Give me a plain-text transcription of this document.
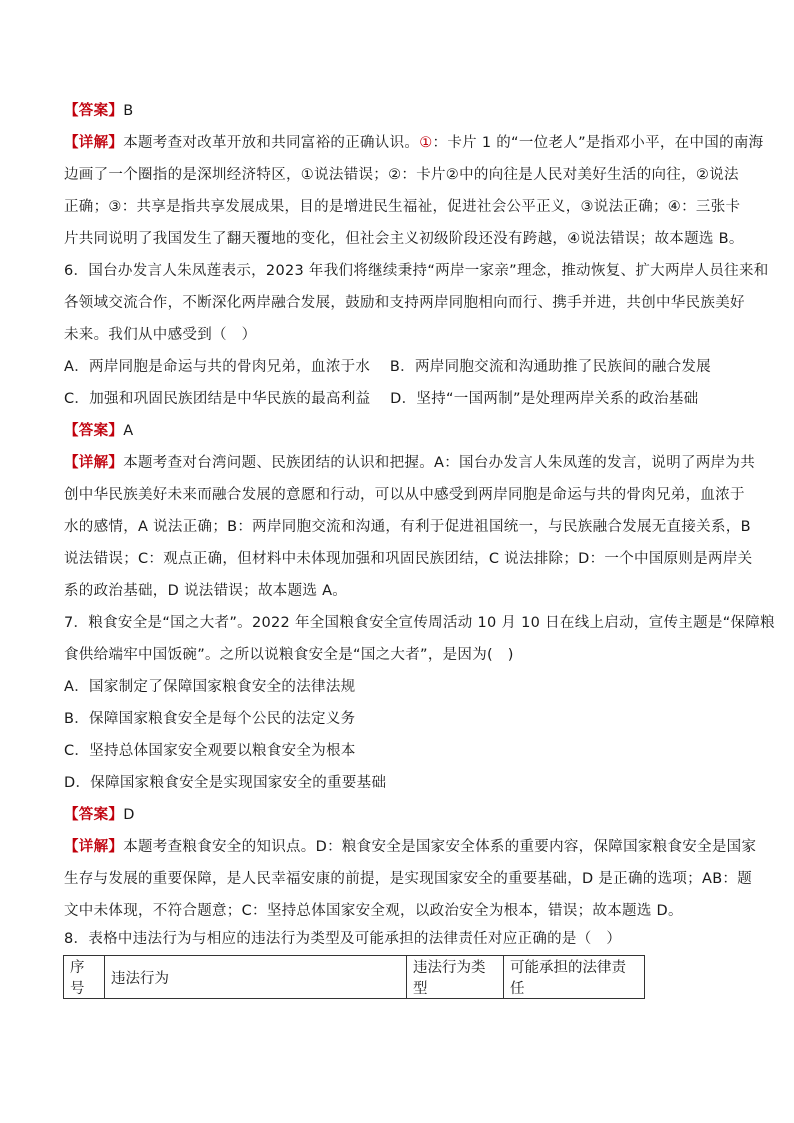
【答案】B
【详解】本题考查对改革开放和共同富裕的正确认识。①：卡片 1 的“一位老人”是指邓小平，在中国的南海
边画了一个圈指的是深圳经济特区，①说法错误；②：卡片②中的向往是人民对美好生活的向往，②说法
正确；③：共享是指共享发展成果，目的是增进民生福祉，促进社会公平正义，③说法正确；④：三张卡
片共同说明了我国发生了翻天覆地的变化，但社会主义初级阶段还没有跨越，④说法错误；故本题选 B。
6．国台办发言人朱凤莲表示，2023 年我们将继续秉持“两岸一家亲”理念，推动恢复、扩大两岸人员往来和
各领域交流合作，不断深化两岸融合发展，鼓励和支持两岸同胞相向而行、携手并进，共创中华民族美好
未来。我们从中感受到（　）
A．两岸同胞是命运与共的骨肉兄弟，血浓于水　 B．两岸同胞交流和沟通助推了民族间的融合发展
C．加强和巩固民族团结是中华民族的最高利益　 D．坚持“一国两制”是处理两岸关系的政治基础
【答案】A
【详解】本题考查对台湾问题、民族团结的认识和把握。A：国台办发言人朱凤莲的发言，说明了两岸为共
创中华民族美好未来而融合发展的意愿和行动，可以从中感受到两岸同胞是命运与共的骨肉兄弟，血浓于
水的感情，A 说法正确；B：两岸同胞交流和沟通，有利于促进祖国统一，与民族融合发展无直接关系，B
说法错误；C：观点正确，但材料中未体现加强和巩固民族团结，C 说法排除；D：一个中国原则是两岸关
系的政治基础，D 说法错误；故本题选 A。
7．粮食安全是“国之大者”。2022 年全国粮食安全宣传周活动 10 月 10 日在线上启动，宣传主题是“保障粮
食供给端牢中国饭碗”。之所以说粮食安全是“国之大者”，是因为(　)
A．国家制定了保障国家粮食安全的法律法规
B．保障国家粮食安全是每个公民的法定义务
C．坚持总体国家安全观要以粮食安全为根本
D．保障国家粮食安全是实现国家安全的重要基础
【答案】D
【详解】本题考查粮食安全的知识点。D：粮食安全是国家安全体系的重要内容，保障国家粮食安全是国家
生存与发展的重要保障，是人民幸福安康的前提，是实现国家安全的重要基础，D 是正确的选项；AB：题
文中未体现，不符合题意；C：坚持总体国家安全观，以政治安全为根本，错误；故本题选 D。
8．表格中违法行为与相应的违法行为类型及可能承担的法律责任对应正确的是（　）
序号	违法行为	违法行为类型	可能承担的法律责任
